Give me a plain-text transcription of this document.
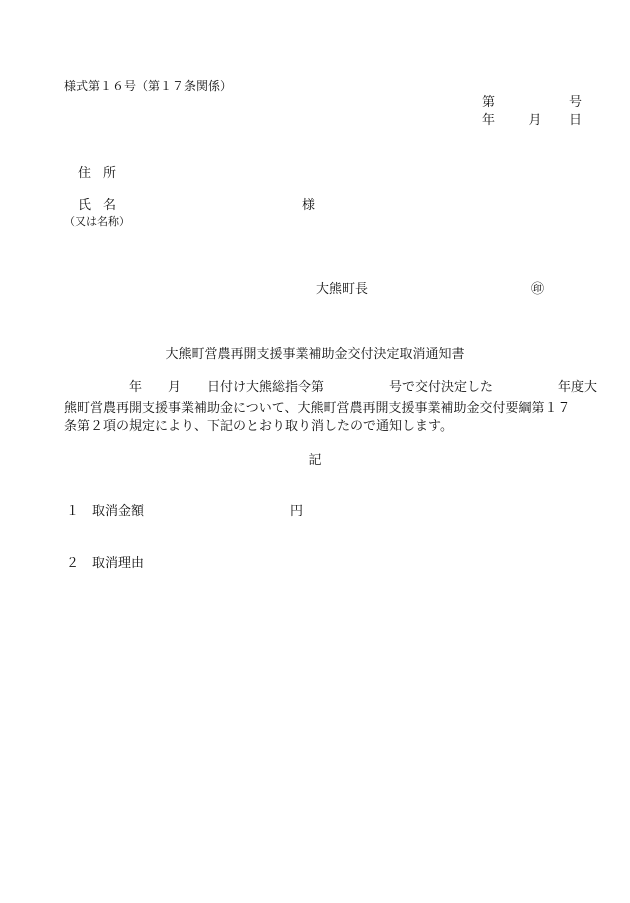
様式第１６号（第１７条関係）
第	号
年	月 日
住所
氏名	様
（又は名称）
大熊町長	㊞
大熊町営農再開支援事業補助金交付決定取消通知書
　　　　　年　　月　　日付け大熊総指令第　　　　　号で交付決定した　　　　　年度大
熊町営農再開支援事業補助金について、大熊町営農再開支援事業補助金交付要綱第１７
条第２項の規定により、下記のとおり取り消したので通知します。
記
１　取消金額	円
２　取消理由
